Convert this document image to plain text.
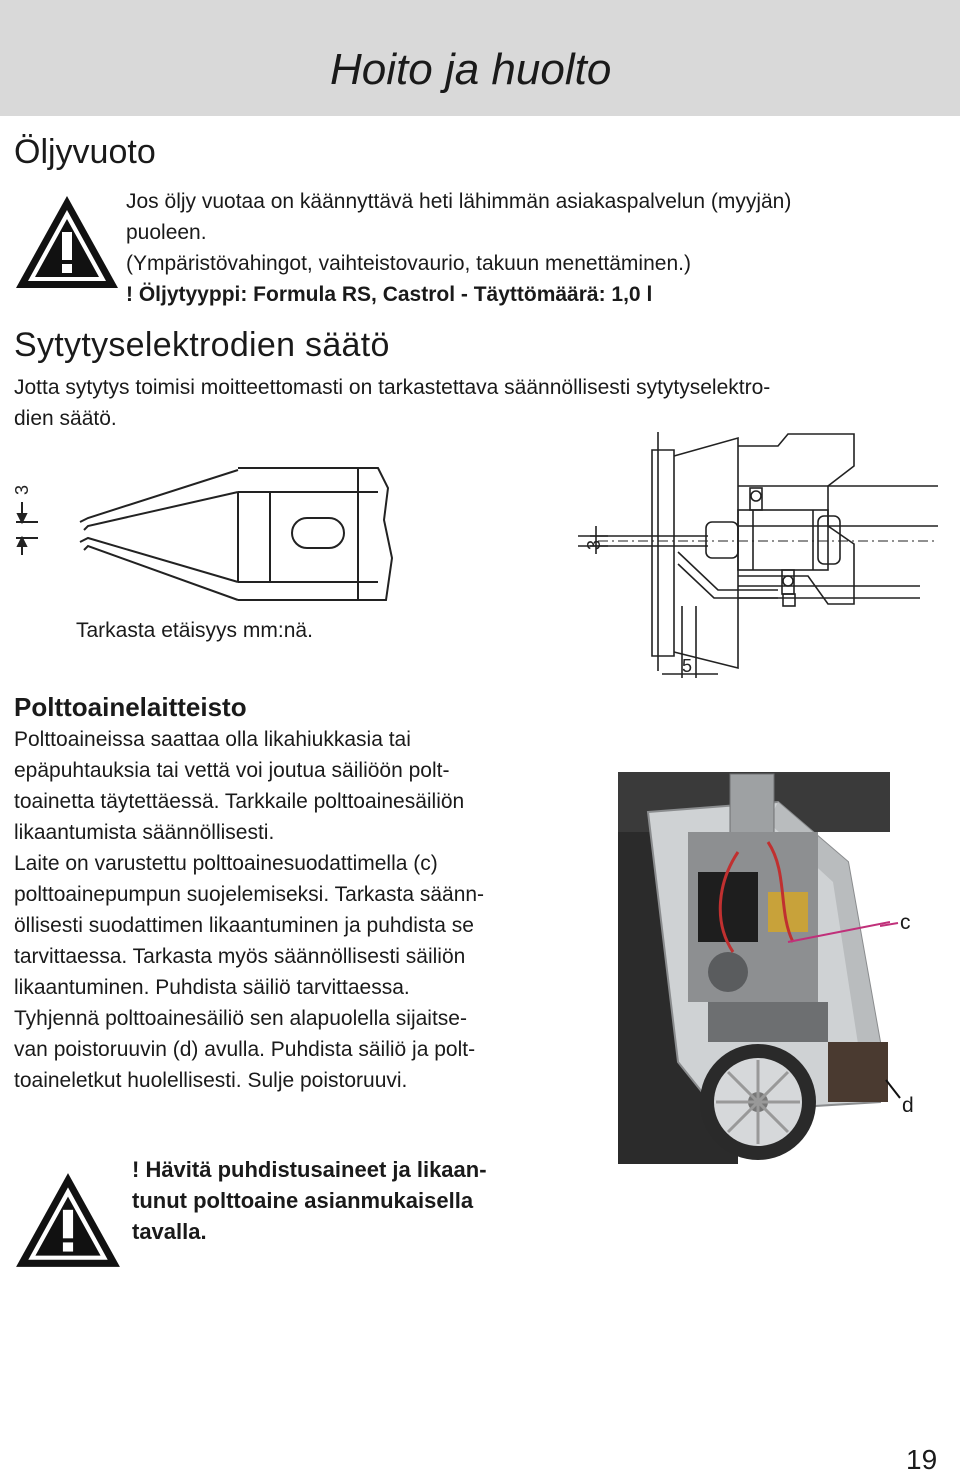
Hoito ja huolto
Öljyvuoto
Jos öljy vuotaa on käännyttävä heti lähimmän asiakaspalvelun (myyjän)
puoleen.
(Ympäristövahingot, vaihteistovaurio, takuun menettäminen.)
! Öljytyyppi: Formula RS, Castrol - Täyttömäärä: 1,0 l
Sytytyselektrodien säätö
Jotta sytytys toimisi moitteettomasti on tarkastettava säännöllisesti sytytyselektro-
dien säätö.
3

Tarkasta etäisyys mm:nä.

3
5
Polttoainelaitteisto
Polttoaineissa saattaa olla likahiukkasia tai
epäpuhtauksia tai vettä voi joutua säiliöön polt-
toainetta täytettäessä. Tarkkaile polttoainesäiliön
likaantumista säännöllisesti.
Laite on varustettu polttoainesuodattimella (c)
polttoainepumpun suojelemiseksi. Tarkasta säänn-
öllisesti suodattimen likaantuminen ja puhdista se
tarvittaessa. Tarkasta myös säännöllisesti säiliön
likaantuminen. Puhdista säiliö tarvittaessa.
Tyhjennä polttoainesäiliö sen alapuolella sijaitse-
van poistoruuvin (d) avulla. Puhdista säiliö ja polt-
toaineletkut huolellisesti. Sulje poistoruuvi.

c

d

! Hävitä puhdistusaineet ja likaan-
tunut polttoaine asianmukaisella
tavalla.

19
